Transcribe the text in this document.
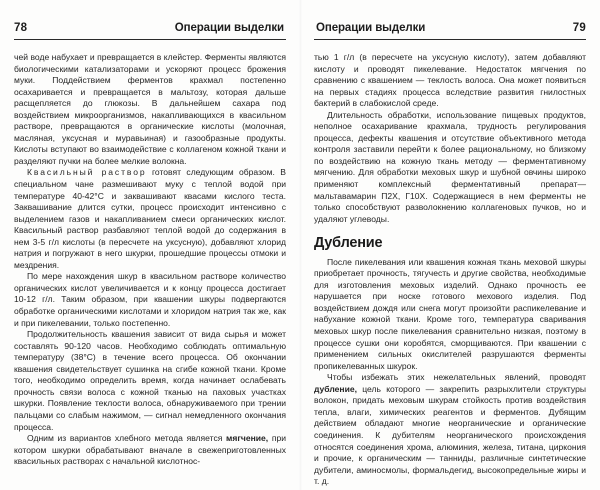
78	Операции выделки

чей воде набухает и превращается в клейстер. Ферменты являются биологическими катализаторами и ускоряют процесс брожения муки. Поддействием ферментов крахмал постепенно осахаривается и превращается в мальтозу, которая дальше расщепляется до глюкозы. В дальнейшем сахара под воздействием микроорганизмов, накапливающихся в квасильном растворе, превращаются в органические кислоты (молочная, масляная, уксусная и муравьиная) и газообразные продукты. Кислоты вступают во взаимодействие с коллагеном кожной ткани и разделяют пучки на более мелкие волокна.

Квасильный раствор готовят следующим образом. В специальном чане размешивают муку с теплой водой при температуре 40-42°C и заквашивают квасами кислого теста. Заквашивание длится сутки, процесс происходит интенсивно с выделением газов и накапливанием смеси органических кислот. Квасильный раствор разбавляют теплой водой до содержания в нем 3-5 г/л кислоты (в пересчете на уксусную), добавляют хлорид натрия и погружают в него шкурки, прошедшие процессы отмоки и мездрения.

По мере нахождения шкур в квасильном растворе количество органических кислот увеличивается и к концу процесса достигает 10-12 г/л. Таким образом, при квашении шкуры подвергаются обработке органическими кислотами и хлоридом натрия так же, как и при пикелевании, только постепенно.

Продолжительность квашения зависит от вида сырья и может составлять 90-120 часов. Необходимо соблюдать оптимальную температуру (38°C) в течение всего процесса. Об окончании квашения свидетельствует сушинка на сгибе кожной ткани. Кроме того, необходимо определить время, когда начинает ослабевать прочность связи волоса с кожной тканью на паховых участках шкурки. Появление теклости волоса, обнаруживаемого при трении пальцами со слабым нажимом, — сигнал немедленного окончания процесса.

Одним из вариантов хлебного метода является мягчение, при котором шкурки обрабатывают вначале в свежеприготовленных квасильных растворах с начальной кислотнос-

Операции выделки	79

тью 1 г/л (в пересчете на уксусную кислоту), затем добавляют кислоту и проводят пикелевание. Недостаток мягчения по сравнению с квашением — теклость волоса. Она может появиться на первых стадиях процесса вследствие развития гнилостных бактерий в слабокислой среде.

Длительность обработки, использование пищевых продуктов, неполное осахаривание крахмала, трудность регулирования процесса, дефекты квашения и отсутствие объективного метода контроля заставили перейти к более рациональному, но близкому по воздействию на кожную ткань методу — ферментативному мягчению. Для обработки меховых шкур и шубной овчины широко применяют комплексный ферментативный препарат— мальтавамарин П2Х, Г10Х. Содержащиеся в нем ферменты не только способствуют разволокнению коллагеновых пучков, но и удаляют углеводы.

Дубление

После пикелевания или квашения кожная ткань меховой шкуры приобретает прочность, тягучесть и другие свойства, необходимые для изготовления меховых изделий. Однако прочность ее нарушается при носке готового мехового изделия. Под воздействием дождя или снега могут произойти распикелевание и набухание кожной ткани. Кроме того, температура сваривания меховых шкур после пикелевания сравнительно низкая, поэтому в процессе сушки они коробятся, сморщиваются. При квашении с применением сильных окислителей разрушаются ферменты пропикелеванных шкурок.

Чтобы избежать этих нежелательных явлений, проводят дубление, цель которого — закрепить разрыхлители структуры волокон, придать меховым шкурам стойкость против воздействия тепла, влаги, химических реагентов и ферментов. Дубящим действием обладают многие неорганические и органические соединения. К дубителям неорганического происхождения относятся соединения хрома, алюминия, железа, титана, циркония и прочие, к органическим — танниды, различные синтетические дубители, аминосмолы, формальдегид, высокопредельные жиры и т. д.
